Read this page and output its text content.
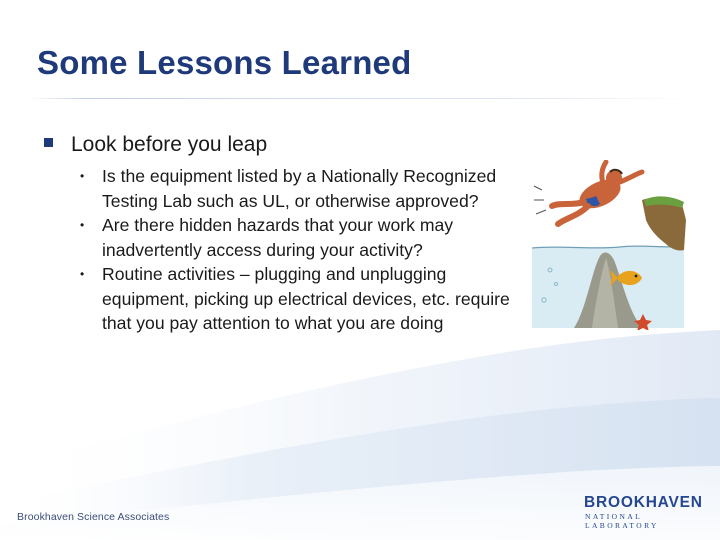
Some Lessons Learned
Look before you leap
•	Is the equipment listed by a Nationally Recognized Testing Lab such as UL, or otherwise approved?
•	Are there hidden hazards that your work may inadvertently access during your activity?
•	Routine activities – plugging and unplugging equipment, picking up electrical devices, etc. require that you pay attention to what you are doing
Brookhaven Science Associates
BROOKHAVEN
NATIONAL LABORATORY
